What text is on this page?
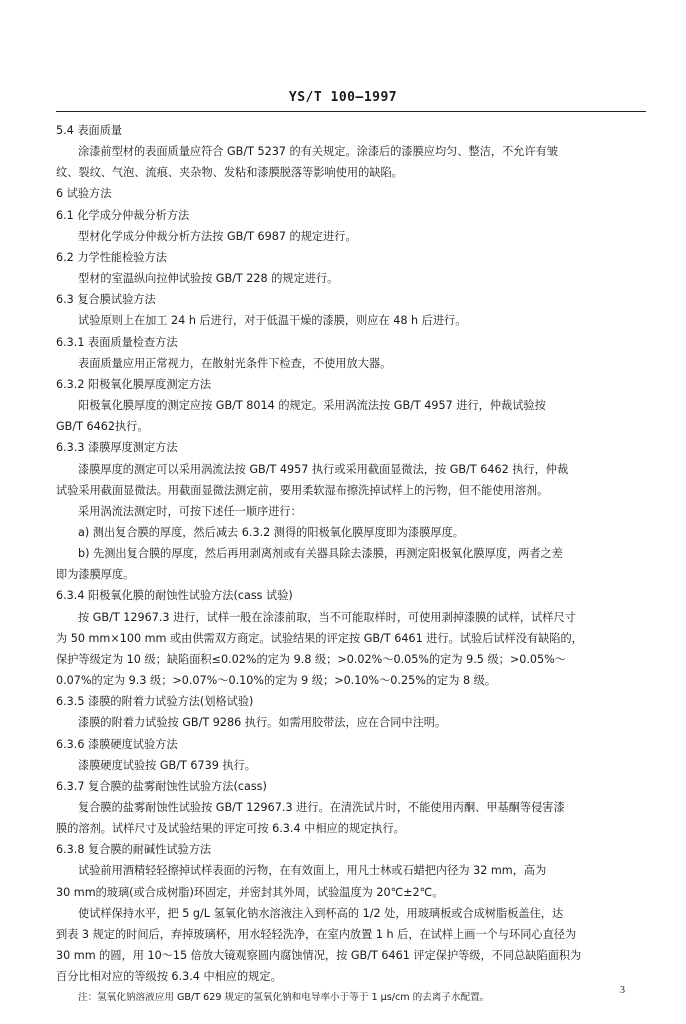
YS/T 100—1997

5.4 表面质量

涂漆前型材的表面质量应符合 GB/T 5237 的有关规定。涂漆后的漆膜应均匀、整洁，不允许有皱

纹、裂纹、气泡、流痕、夹杂物、发粘和漆膜脱落等影响使用的缺陷。

6 试验方法

6.1 化学成分仲裁分析方法

型材化学成分仲裁分析方法按 GB/T 6987 的规定进行。

6.2 力学性能检验方法

型材的室温纵向拉伸试验按 GB/T 228 的规定进行。

6.3 复合膜试验方法

试验原则上在加工 24 h 后进行，对于低温干燥的漆膜，则应在 48 h 后进行。

6.3.1 表面质量检查方法

表面质量应用正常视力，在散射光条件下检查，不使用放大器。

6.3.2 阳极氧化膜厚度测定方法

阳极氧化膜厚度的测定应按 GB/T 8014 的规定。采用涡流法按 GB/T 4957 进行，仲裁试验按

GB/T 6462执行。

6.3.3 漆膜厚度测定方法

漆膜厚度的测定可以采用涡流法按 GB/T 4957 执行或采用截面显微法，按 GB/T 6462 执行，仲裁

试验采用截面显微法。用截面显微法测定前，要用柔软湿布擦洗掉试样上的污物，但不能使用溶剂。

采用涡流法测定时，可按下述任一顺序进行：

a) 测出复合膜的厚度，然后减去 6.3.2 测得的阳极氧化膜厚度即为漆膜厚度。

b) 先测出复合膜的厚度，然后再用剥离剂或有关器具除去漆膜，再测定阳极氧化膜厚度，两者之差

即为漆膜厚度。

6.3.4 阳极氧化膜的耐蚀性试验方法(cass 试验)

按 GB/T 12967.3 进行，试样一般在涂漆前取，当不可能取样时，可使用剥掉漆膜的试样，试样尺寸

为 50 mm×100 mm 或由供需双方商定。试验结果的评定按 GB/T 6461 进行。试验后试样没有缺陷的，

保护等级定为 10 级；缺陷面积≤0.02%的定为 9.8 级；>0.02%～0.05%的定为 9.5 级；>0.05%～

0.07%的定为 9.3 级；>0.07%～0.10%的定为 9 级；>0.10%～0.25%的定为 8 级。

6.3.5 漆膜的附着力试验方法(划格试验)

漆膜的附着力试验按 GB/T 9286 执行。如需用胶带法，应在合同中注明。

6.3.6 漆膜硬度试验方法

漆膜硬度试验按 GB/T 6739 执行。

6.3.7 复合膜的盐雾耐蚀性试验方法(cass)

复合膜的盐雾耐蚀性试验按 GB/T 12967.3 进行。在清洗试片时，不能使用丙酮、甲基酮等侵害漆

膜的溶剂。试样尺寸及试验结果的评定可按 6.3.4 中相应的规定执行。

6.3.8 复合膜的耐碱性试验方法

试验前用酒精轻轻擦掉试样表面的污物，在有效面上，用凡士林或石蜡把内径为 32 mm，高为

30 mm的玻璃(或合成树脂)环固定，并密封其外周，试验温度为 20℃±2℃。

使试样保持水平，把 5 g/L 氢氧化钠水溶液注入到杯高的 1/2 处，用玻璃板或合成树脂板盖住，达

到表 3 规定的时间后，弃掉玻璃杯，用水轻轻洗净，在室内放置 1 h 后，在试样上画一个与环同心直径为

30 mm 的圆，用 10～15 倍放大镜观察圆内腐蚀情况，按 GB/T 6461 评定保护等级，不同总缺陷面积为

百分比相对应的等级按 6.3.4 中相应的规定。

注：氢氧化钠溶液应用 GB/T 629 规定的氢氧化钠和电导率小于等于 1 μs/cm 的去离子水配置。

3
